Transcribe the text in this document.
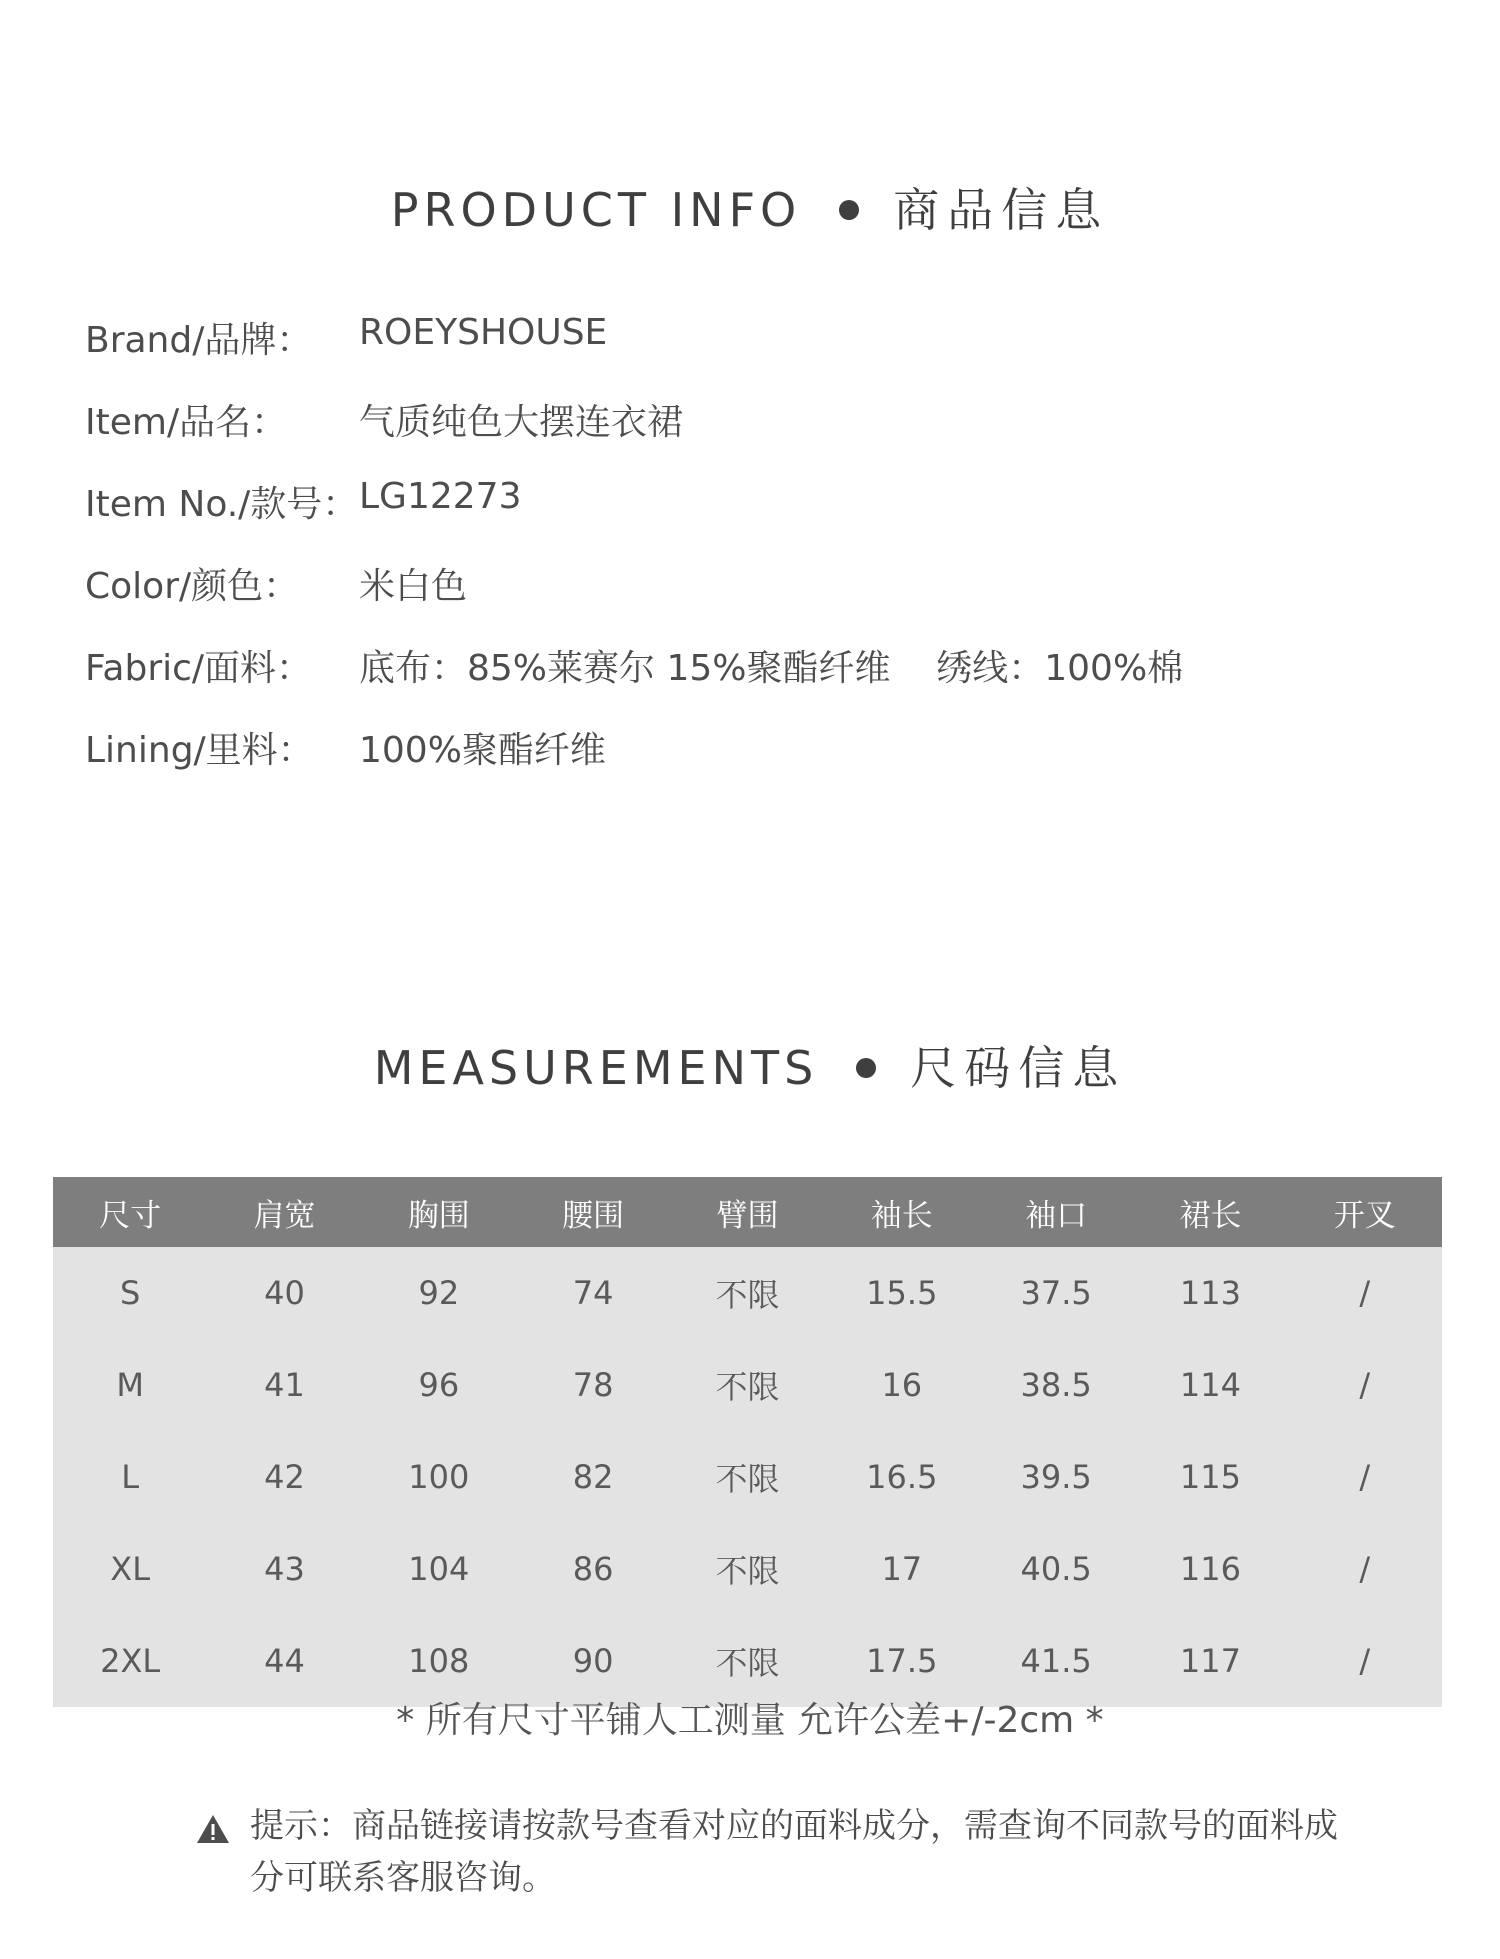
PRODUCT INFO 商品信息
Brand/品牌： ROEYSHOUSE
Item/品名： 气质纯色大摆连衣裙
Item No./款号： LG12273
Color/颜色： 米白色
Fabric/面料： 底布：85%莱赛尔 15%聚酯纤维    绣线：100%棉
Lining/里料： 100%聚酯纤维
MEASUREMENTS 尺码信息
尺寸	肩宽	胸围	腰围	臂围	袖长	袖口	裙长	开叉
S	40	92	74	不限	15.5	37.5	113	/
M	41	96	78	不限	16	38.5	114	/
L	42	100	82	不限	16.5	39.5	115	/
XL	43	104	86	不限	17	40.5	116	/
2XL	44	108	90	不限	17.5	41.5	117	/
* 所有尺寸平铺人工测量 允许公差+/-2cm *
提示：商品链接请按款号查看对应的面料成分，需查询不同款号的面料成分可联系客服咨询。
